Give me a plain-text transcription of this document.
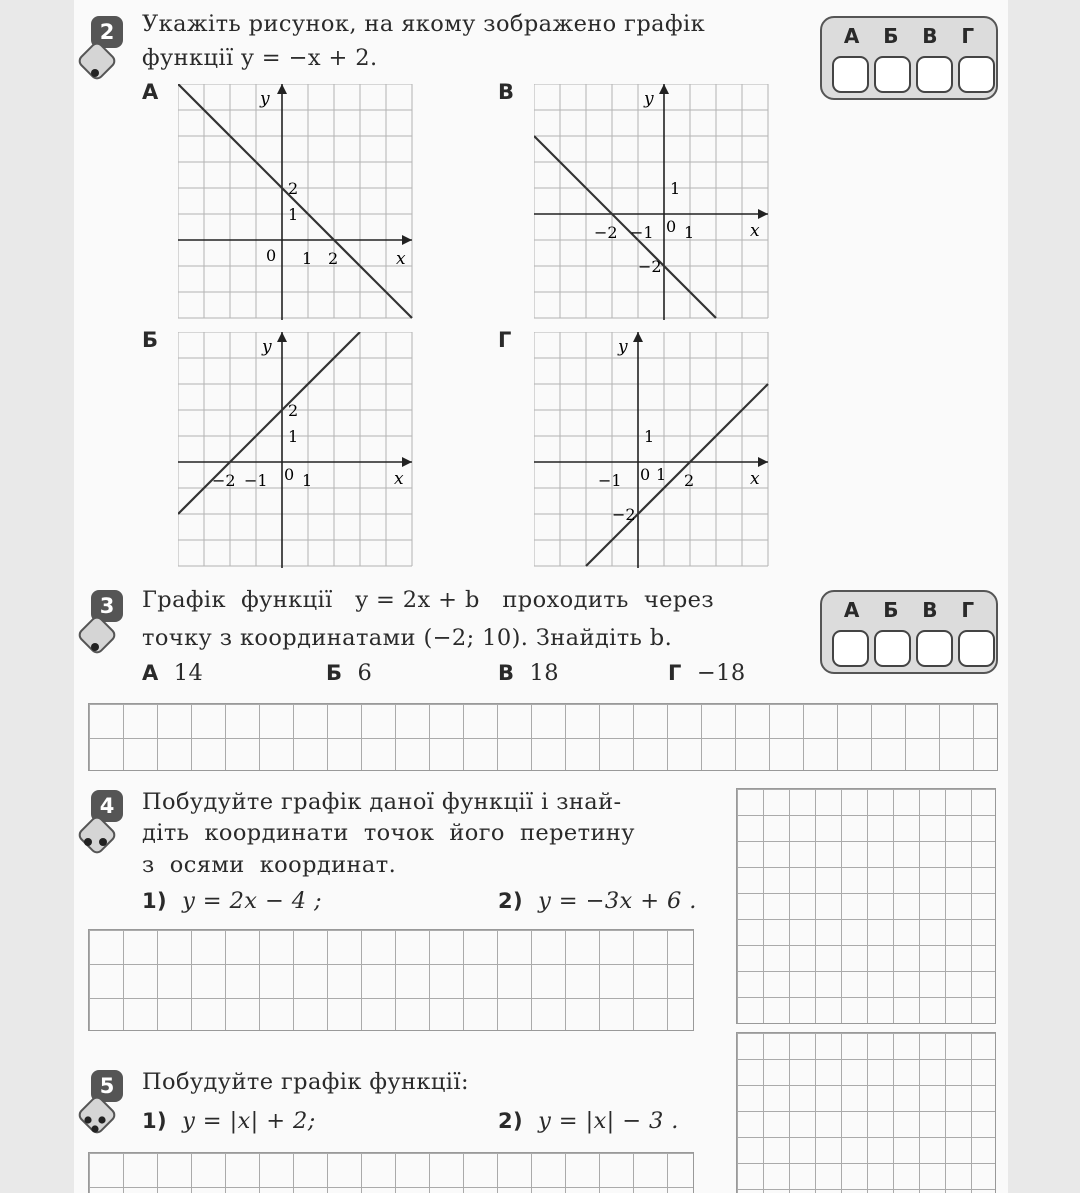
2	Укажіть рисунок, на якому зображено графік
функції y = −x + 2.
А Б В Г
А	В
Б	Г
y
x
0 1 2
1
2
y
x
0
−2 −1 1
1
−2
y
x
0
−2 −1 1
1
2
y
x
0
−1 1 2
1
−2
3	Графік  функції   y = 2x + b   проходить  через
точку з координатами (−2; 10). Знайдіть b.
А 14	Б 6	В 18	Г −18
А Б В Г
4	Побудуйте графік даної функції і знай-
діть  координати  точок  його  перетину
з  осями  координат.
1) y = 2x − 4 ;	2) y = −3x + 6 .
5	Побудуйте графік функції:
1) y = |x| + 2;	2) y = |x| − 3 .
